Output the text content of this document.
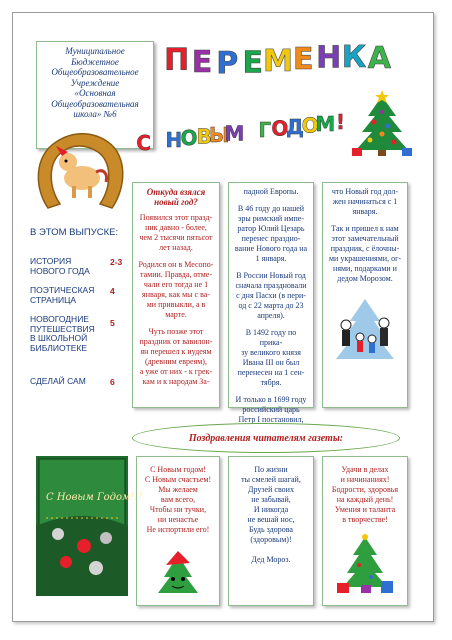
Муниципальное
Бюджетное
Общеобразовательное
Учреждение
«Основная
Общеобразовательная
школа» №6
П Е Р Е М Е Н К А
С Н
О
В
Ы
М Г О
Д
О
М !
В ЭТОМ ВЫПУСКЕ:
ИСТОРИЯ
НОВОГО ГОДА
2-3
ПОЭТИЧЕСКАЯ
СТРАНИЦА
4
НОВОГОДНИЕ
ПУТЕШЕСТВИЯ
В ШКОЛЬНОЙ
БИБЛИОТЕКЕ
5
СДЕЛАЙ САМ	6
Откуда взялся
новый год?

Появился этот празд-
ник давно - более,
чем 2 тысячи пятьсот
лет назад.

Родился он в Месопо-
тамии. Правда, отме-
чали его тогда не 1
января, как мы с ва-
ми привыкли, а в
марте.

Чуть позже этот
праздник от вавилон-
ян перешел к иудеям
(древним евреям),
а уже от них - к грек-
кам и к народам За-

падной Европы.

В 46 году до нашей
эры римский импе-
ратор Юлий Цезарь
перенес праздно-
вание Нового года на
1 января.

В России Новый год
сначала праздновали
с дня Пасхи (в пери-
од с 22 марта до 23
апреля).

В 1492 году по прика-
зу великого князя
Ивана III он был
перенесен на 1 сен-
тября.

И только в 1699 году
российский царь
Петр I постановил,

что Новый год дол-
жен начинаться с 1
января.

Так и пришел к нам
этот замечательный
праздник, с ёлочны-
ми украшениями, ог-
нями, подарками и
дедом Морозом.

Поздравления читателям газеты:
С Новым Годом!!!

С Новым годом!

С Новым счастьем!

Мы желаем

вам всего,

Чтобы ни тучки,

ни ненастье

Не испортили его!

По жизни

ты смелей шагай,

Друзей своих

не забывай,

И никогда

не вешай нос,

Будь здорова

(здоровым)!

Дед Мороз.

Удачи в делах

и начинаниях!

Бодрости, здоровья

на каждый день!

Умения и таланта

в творчестве!
